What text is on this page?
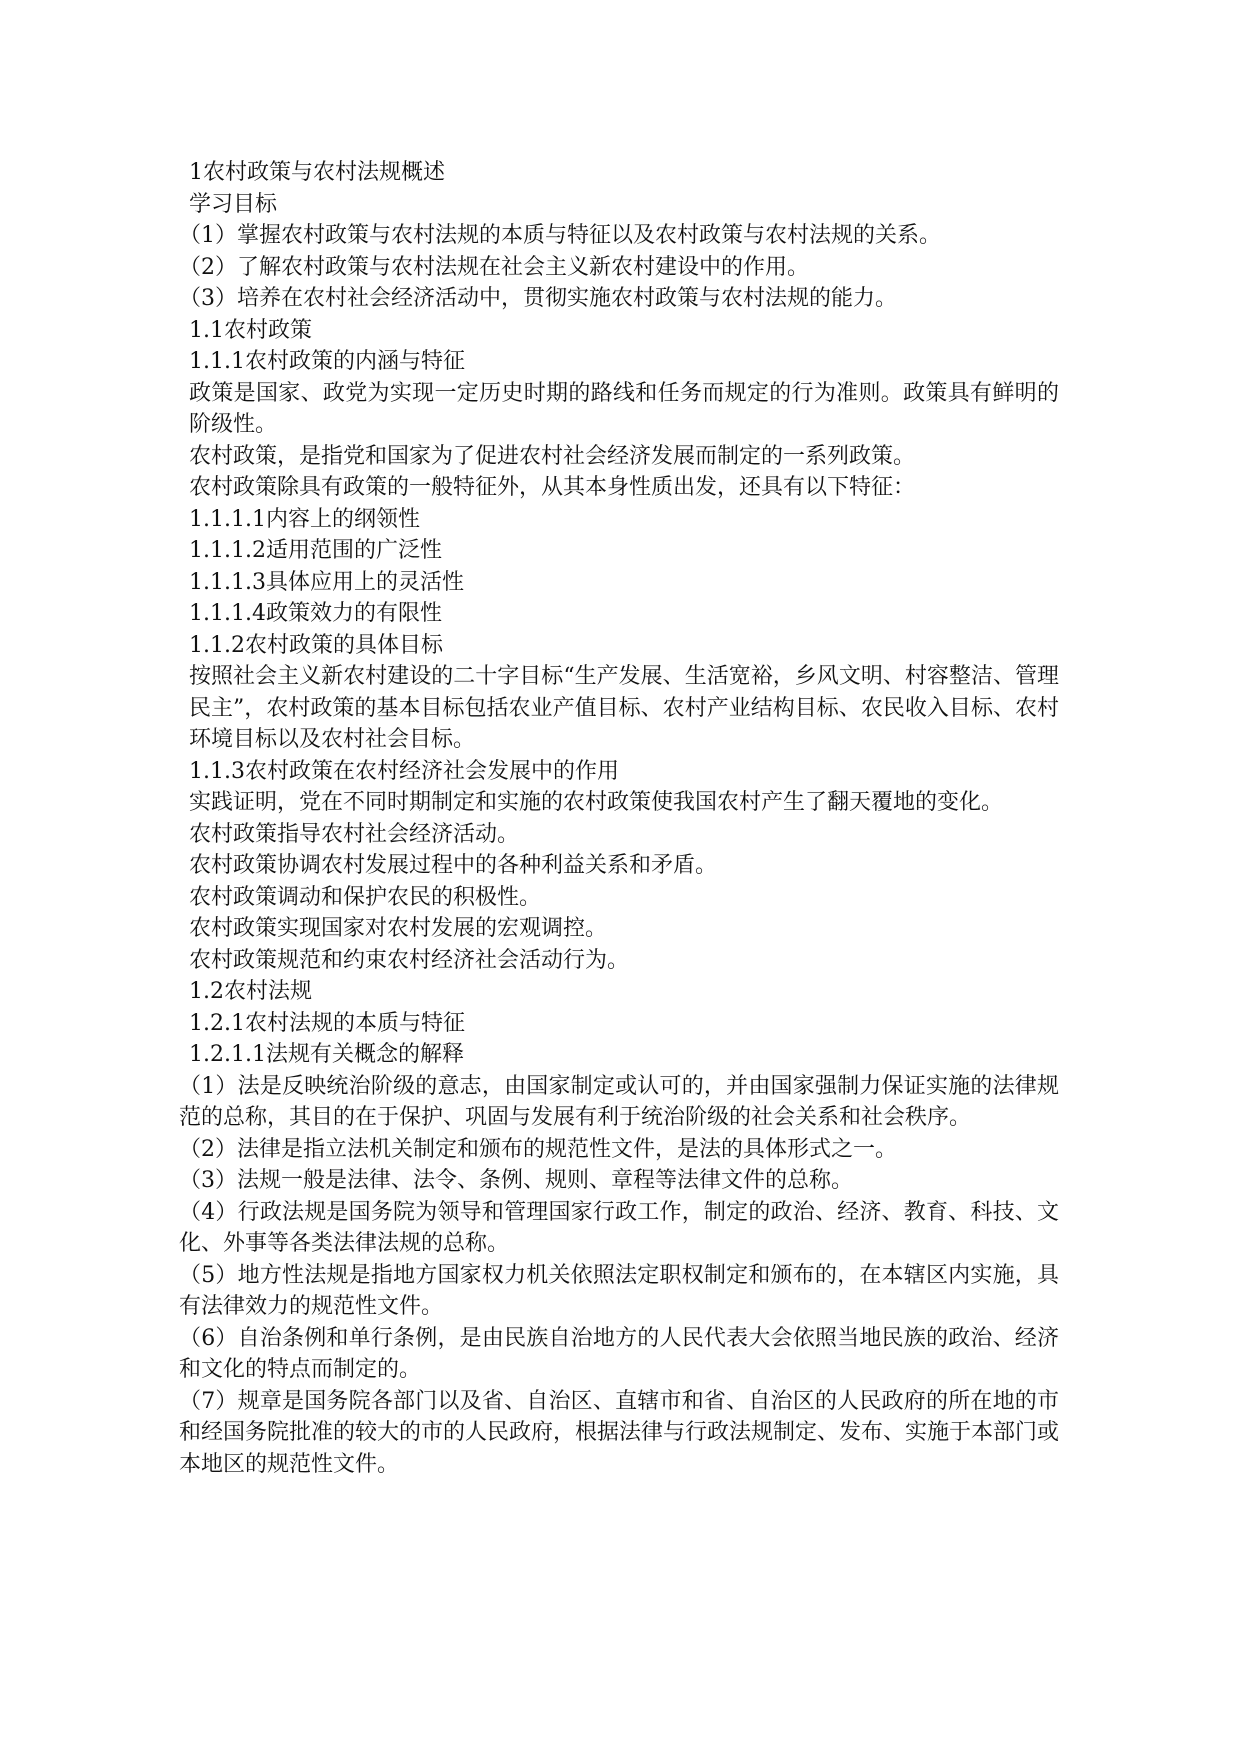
1农村政策与农村法规概述

学习目标

（1）掌握农村政策与农村法规的本质与特征以及农村政策与农村法规的关系。

（2）了解农村政策与农村法规在社会主义新农村建设中的作用。

（3）培养在农村社会经济活动中，贯彻实施农村政策与农村法规的能力。

1.1农村政策

1.1.1农村政策的内涵与特征

政策是国家、政党为实现一定历史时期的路线和任务而规定的行为准则。政策具有鲜明的阶级性。

农村政策，是指党和国家为了促进农村社会经济发展而制定的一系列政策。

农村政策除具有政策的一般特征外，从其本身性质出发，还具有以下特征：

1.1.1.1内容上的纲领性

1.1.1.2适用范围的广泛性

1.1.1.3具体应用上的灵活性

1.1.1.4政策效力的有限性

1.1.2农村政策的具体目标

按照社会主义新农村建设的二十字目标“生产发展、生活宽裕，乡风文明、村容整洁、管理民主”，农村政策的基本目标包括农业产值目标、农村产业结构目标、农民收入目标、农村环境目标以及农村社会目标。

1.1.3农村政策在农村经济社会发展中的作用

实践证明，党在不同时期制定和实施的农村政策使我国农村产生了翻天覆地的变化。

农村政策指导农村社会经济活动。

农村政策协调农村发展过程中的各种利益关系和矛盾。

农村政策调动和保护农民的积极性。

农村政策实现国家对农村发展的宏观调控。

农村政策规范和约束农村经济社会活动行为。

1.2农村法规

1.2.1农村法规的本质与特征

1.2.1.1法规有关概念的解释

（1）法是反映统治阶级的意志，由国家制定或认可的，并由国家强制力保证实施的法律规范的总称，其目的在于保护、巩固与发展有利于统治阶级的社会关系和社会秩序。

（2）法律是指立法机关制定和颁布的规范性文件，是法的具体形式之一。

（3）法规一般是法律、法令、条例、规则、章程等法律文件的总称。

（4）行政法规是国务院为领导和管理国家行政工作，制定的政治、经济、教育、科技、文化、外事等各类法律法规的总称。

（5）地方性法规是指地方国家权力机关依照法定职权制定和颁布的，在本辖区内实施，具有法律效力的规范性文件。

（6）自治条例和单行条例，是由民族自治地方的人民代表大会依照当地民族的政治、经济和文化的特点而制定的。

（7）规章是国务院各部门以及省、自治区、直辖市和省、自治区的人民政府的所在地的市和经国务院批准的较大的市的人民政府，根据法律与行政法规制定、发布、实施于本部门或本地区的规范性文件。
